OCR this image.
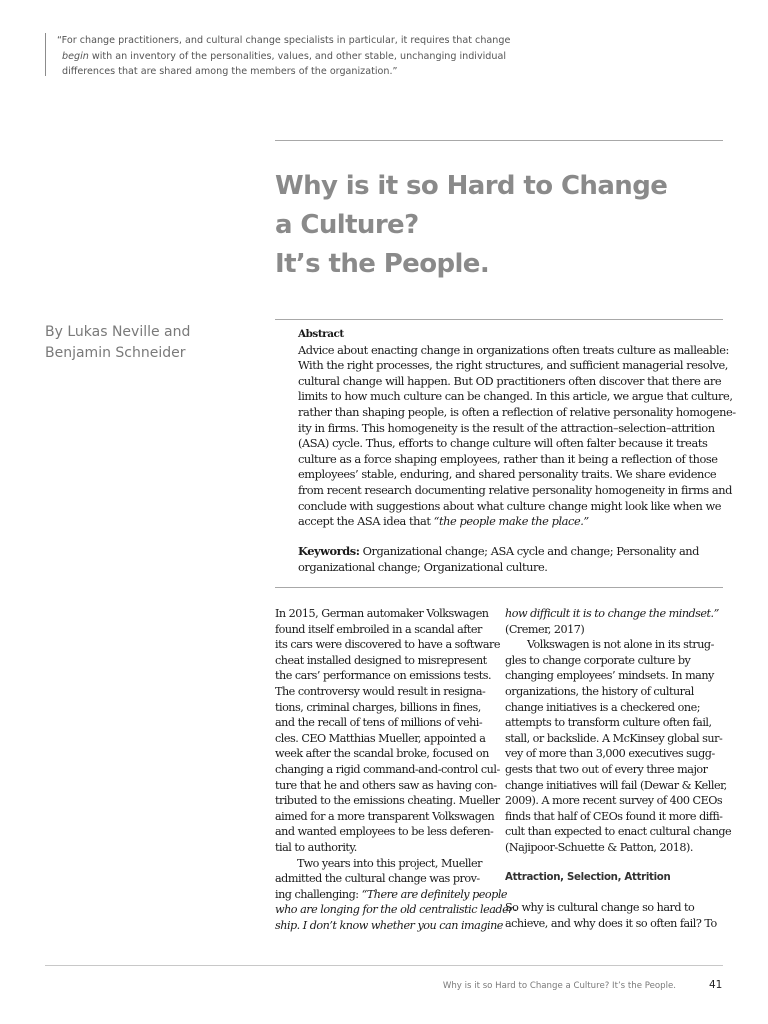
“For change practitioners, and cultural change specialists in particular, it requires that change
begin with an inventory of the personalities, values, and other stable, unchanging individual
differences that are shared among the members of the organization.”
Why is it so Hard to Change
a Culture?
It’s the People.
By Lukas Neville and
Benjamin Schneider
Abstract
Advice about enacting change in organizations often treats culture as malleable:
With the right processes, the right structures, and sufficient managerial resolve,
cultural change will happen. But OD practitioners often discover that there are
limits to how much culture can be changed. In this article, we argue that culture,
rather than shaping people, is often a reflection of relative personality homogene-
ity in firms. This homogeneity is the result of the attraction–selection–attrition
(ASA) cycle. Thus, efforts to change culture will often falter because it treats
culture as a force shaping employees, rather than it being a reflection of those
employees’ stable, enduring, and shared personality traits. We share evidence
from recent research documenting relative personality homogeneity in firms and
conclude with suggestions about what culture change might look like when we
accept the ASA idea that “the people make the place.”
Keywords: Organizational change; ASA cycle and change; Personality and
organizational change; Organizational culture.
In 2015, German automaker Volkswagen
found itself embroiled in a scandal after
its cars were discovered to have a software
cheat installed designed to misrepresent
the cars’ performance on emissions tests.
The controversy would result in resigna-
tions, criminal charges, billions in fines,
and the recall of tens of millions of vehi-
cles. CEO Matthias Mueller, appointed a
week after the scandal broke, focused on
changing a rigid command-and-control cul-
ture that he and others saw as having con-
tributed to the emissions cheating. Mueller
aimed for a more transparent Volkswagen
and wanted employees to be less deferen-
tial to authority.
Two years into this project, Mueller
admitted the cultural change was prov-
ing challenging: “There are definitely people
who are longing for the old centralistic leader-
ship. I don’t know whether you can imagine
how difficult it is to change the mindset.”
(Cremer, 2017)
Volkswagen is not alone in its strug-
gles to change corporate culture by
changing employees’ mindsets. In many
organizations, the history of cultural
change initiatives is a checkered one;
attempts to transform culture often fail,
stall, or backslide. A McKinsey global sur-
vey of more than 3,000 executives sugg-
gests that two out of every three major
change initiatives will fail (Dewar & Keller,
2009). A more recent survey of 400 CEOs
finds that half of CEOs found it more diffi-
cult than expected to enact cultural change
(Najipoor-Schuette & Patton, 2018).
Attraction, Selection, Attrition
So why is cultural change so hard to
achieve, and why does it so often fail? To
Why is it so Hard to Change a Culture? It’s the People.	41
